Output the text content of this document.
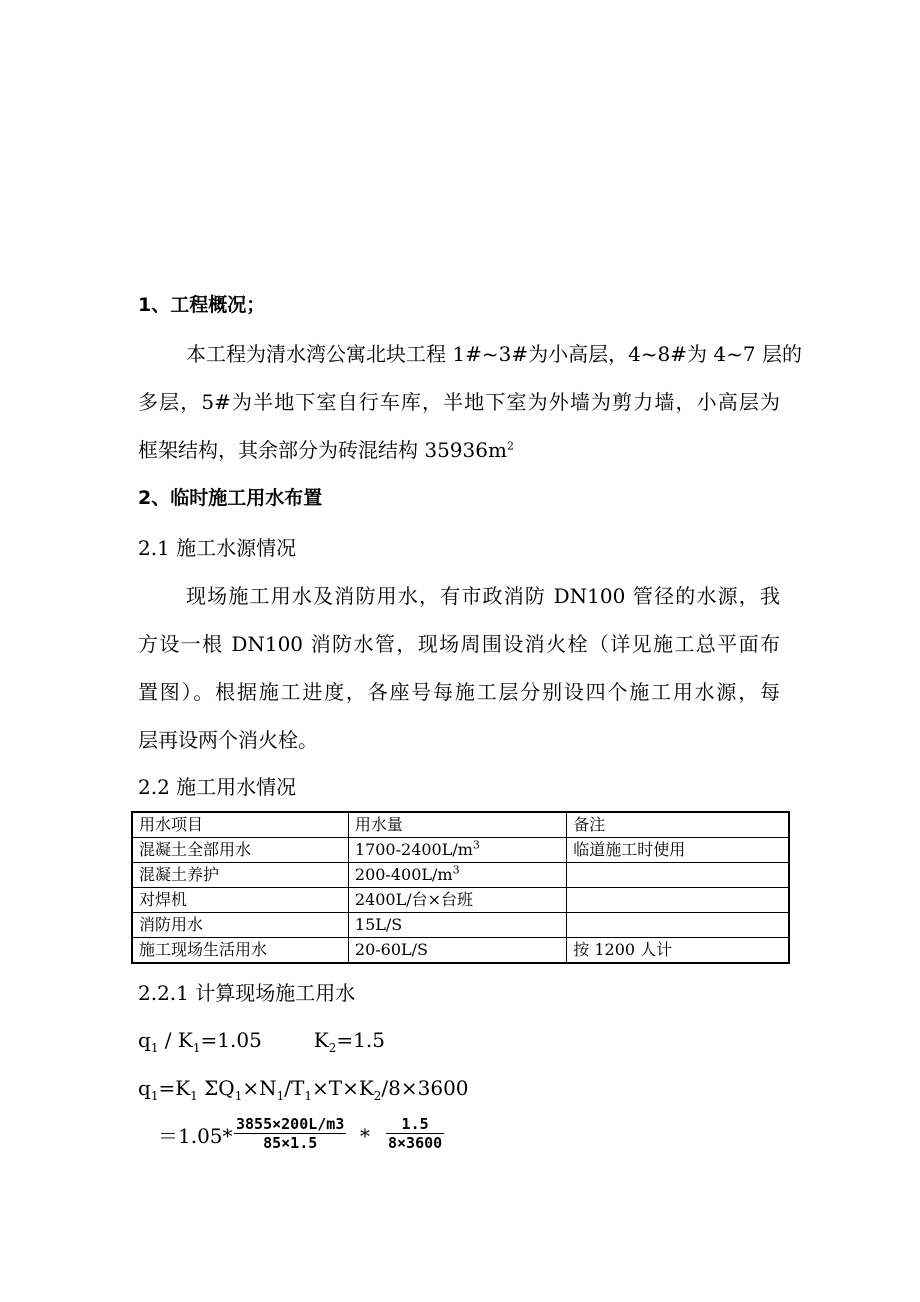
1、工程概况；
本工程为清水湾公寓北块工程 1#~3#为小高层，4~8#为 4~7 层的
多层，5#为半地下室自行车库，半地下室为外墙为剪力墙，小高层为
框架结构，其余部分为砖混结构 $35936m^2$
2、临时施工用水布置
2.1 施工水源情况
现场施工用水及消防用水，有市政消防 DN100 管径的水源，我
方设一根 DN100 消防水管，现场周围设消火栓（详见施工总平面布
置图）。根据施工进度，各座号每施工层分别设四个施工用水源，每
层再设两个消火栓。
2.2 施工用水情况
用水项目	用水量	备注
混凝土全部用水	$1700-2400L/m^3$	临道施工时使用
混凝土养护	$200-400L/m^3$	
对焊机	2400L/台×台班	
消防用水	15L/S	
施工现场生活用水	20-60L/S	按 1200 人计
2.2.1 计算现场施工用水
$q_1 / K_1=1.05$	$K_2=1.5$
$q_1=K_1$ $\Sigma Q_1\times N_1/T_1\times T\times K_2/8\times 3600$
$=1.05* \frac{3855\times 200L/m3}{85\times 1.5} * \frac{1.5}{8\times 3600}$
